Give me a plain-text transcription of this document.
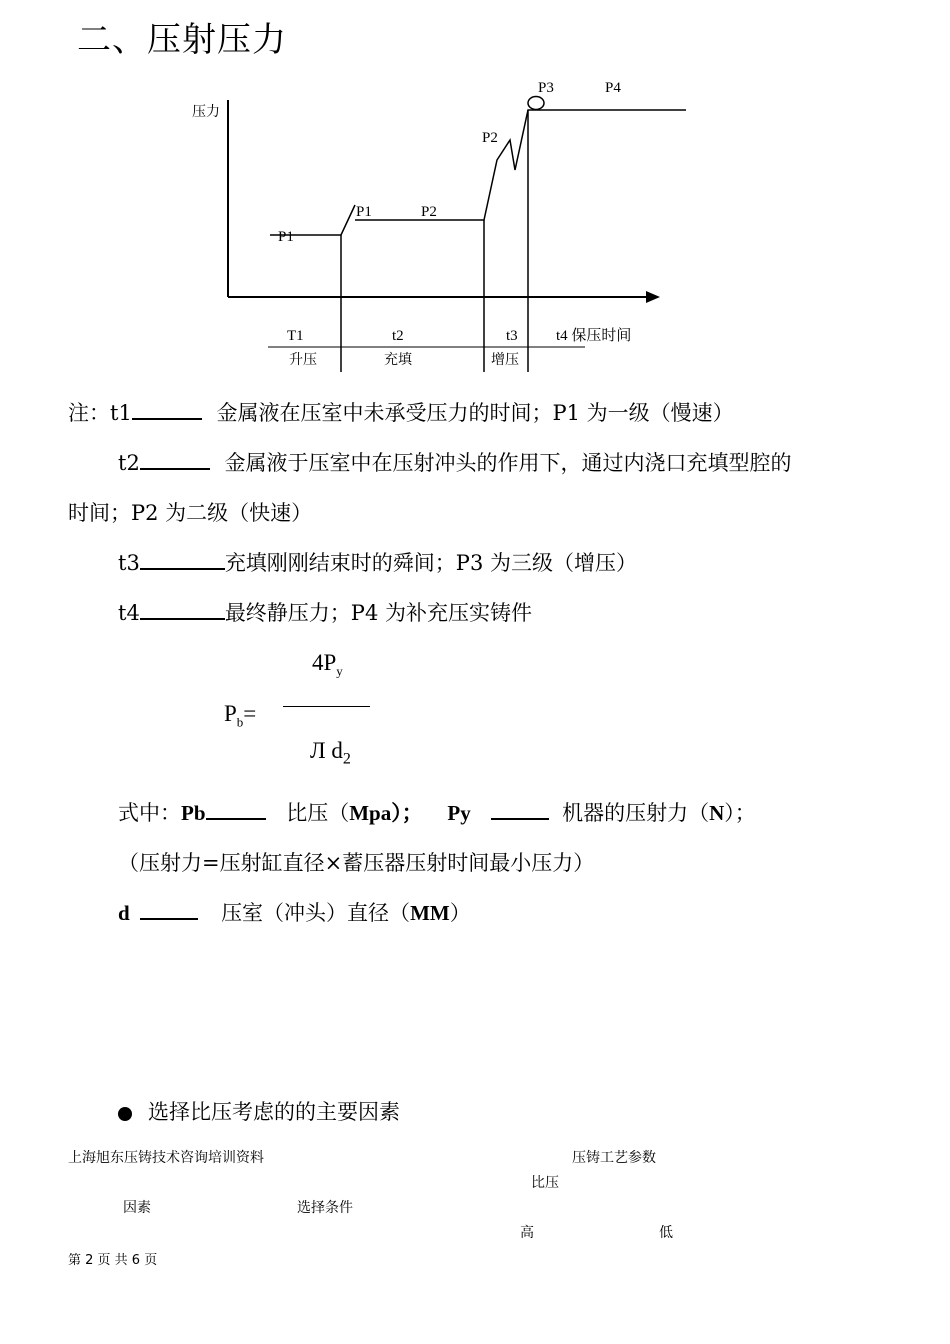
二、压射压力
压力
P1
P1	P2
P2
P3	P4
T1	t2	t3	t4 保压时间
升压	充填	增压
注：t1	金属液在压室中未承受压力的时间；P1 为一级（慢速）
t2	金属液于压室中在压射冲头的作用下，通过内浇口充填型腔的
时间；P2 为二级（快速）
t3	充填刚刚结束时的舜间；P3 为三级（增压）
t4	最终静压力；P4 为补充压实铸件
$4P_y$
$P_b=$
Л $d_2$
式中：Pb	比压（Mpa）； Py	机器的压射力（N）；
（压射力=压射缸直径×蓄压器压射时间最小压力）
d	压室（冲头）直径（MM）
选择比压考虑的的主要因素
上海旭东压铸技术咨询培训资料	压铸工艺参数
比压
因素	选择条件
高	低
第 2 页 共 6 页
